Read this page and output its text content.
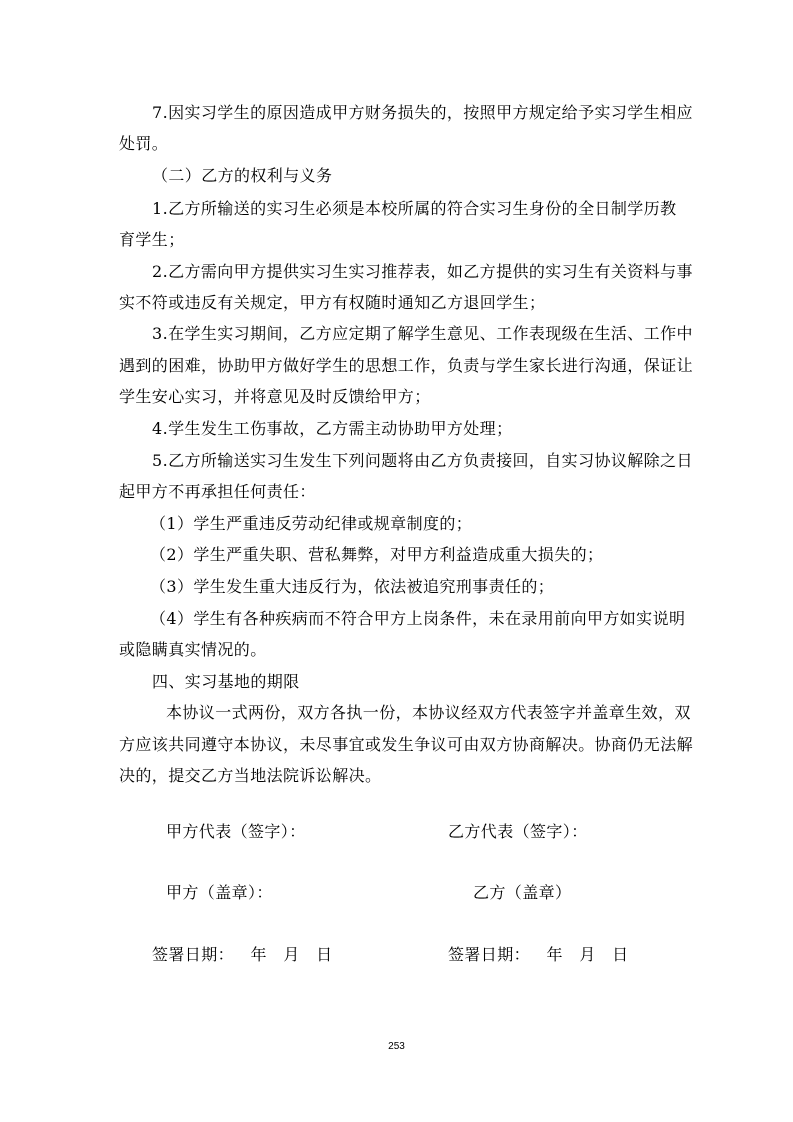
7.因实习学生的原因造成甲方财务损失的，按照甲方规定给予实习学生相应
处罚。
（二）乙方的权利与义务
1.乙方所输送的实习生必须是本校所属的符合实习生身份的全日制学历教
育学生；
2.乙方需向甲方提供实习生实习推荐表，如乙方提供的实习生有关资料与事
实不符或违反有关规定，甲方有权随时通知乙方退回学生；
3.在学生实习期间，乙方应定期了解学生意见、工作表现级在生活、工作中
遇到的困难，协助甲方做好学生的思想工作，负责与学生家长进行沟通，保证让
学生安心实习，并将意见及时反馈给甲方；
4.学生发生工伤事故，乙方需主动协助甲方处理；
5.乙方所输送实习生发生下列问题将由乙方负责接回，自实习协议解除之日
起甲方不再承担任何责任：
（1）学生严重违反劳动纪律或规章制度的；
（2）学生严重失职、营私舞弊，对甲方利益造成重大损失的；
（3）学生发生重大违反行为，依法被追究刑事责任的；
（4）学生有各种疾病而不符合甲方上岗条件，未在录用前向甲方如实说明
或隐瞒真实情况的。
四、实习基地的期限
本协议一式两份，双方各执一份，本协议经双方代表签字并盖章生效，双
方应该共同遵守本协议，未尽事宜或发生争议可由双方协商解决。协商仍无法解
决的，提交乙方当地法院诉讼解决。
甲方代表（签字）：	乙方代表（签字）：
甲方（盖章）：	乙方（盖章）
签署日期：   年   月   日	签署日期：   年   月   日
253
